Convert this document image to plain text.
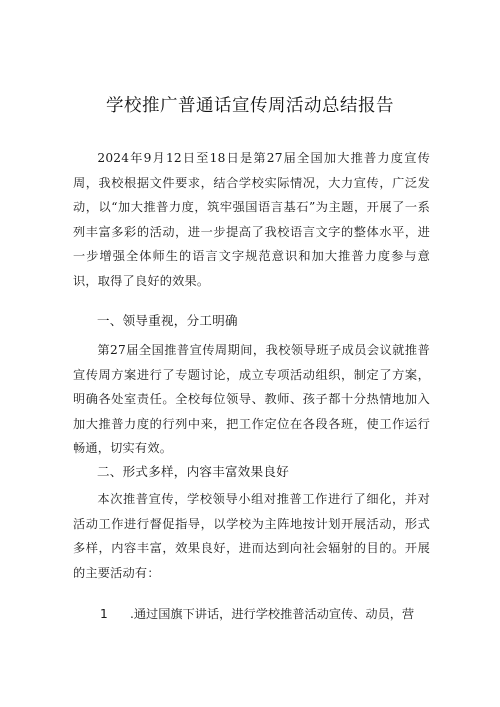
学校推广普通话宣传周活动总结报告
2024年9月12日至18日是第27届全国加大推普力度宣传周，我校根据文件要求，结合学校实际情况，大力宣传，广泛发动，以“加大推普力度，筑牢强国语言基石”为主题，开展了一系列丰富多彩的活动，进一步提高了我校语言文字的整体水平，进一步增强全体师生的语言文字规范意识和加大推普力度参与意识，取得了良好的效果。
一、领导重视，分工明确
第27届全国推普宣传周期间，我校领导班子成员会议就推普宣传周方案进行了专题讨论，成立专项活动组织，制定了方案，明确各处室责任。全校每位领导、教师、孩子都十分热情地加入加大推普力度的行列中来，把工作定位在各段各班，使工作运行畅通，切实有效。
二、形式多样，内容丰富效果良好
本次推普宣传，学校领导小组对推普工作进行了细化，并对活动工作进行督促指导，以学校为主阵地按计划开展活动，形式多样，内容丰富，效果良好，进而达到向社会辐射的目的。开展的主要活动有：
1 .通过国旗下讲话，进行学校推普活动宣传、动员，营
